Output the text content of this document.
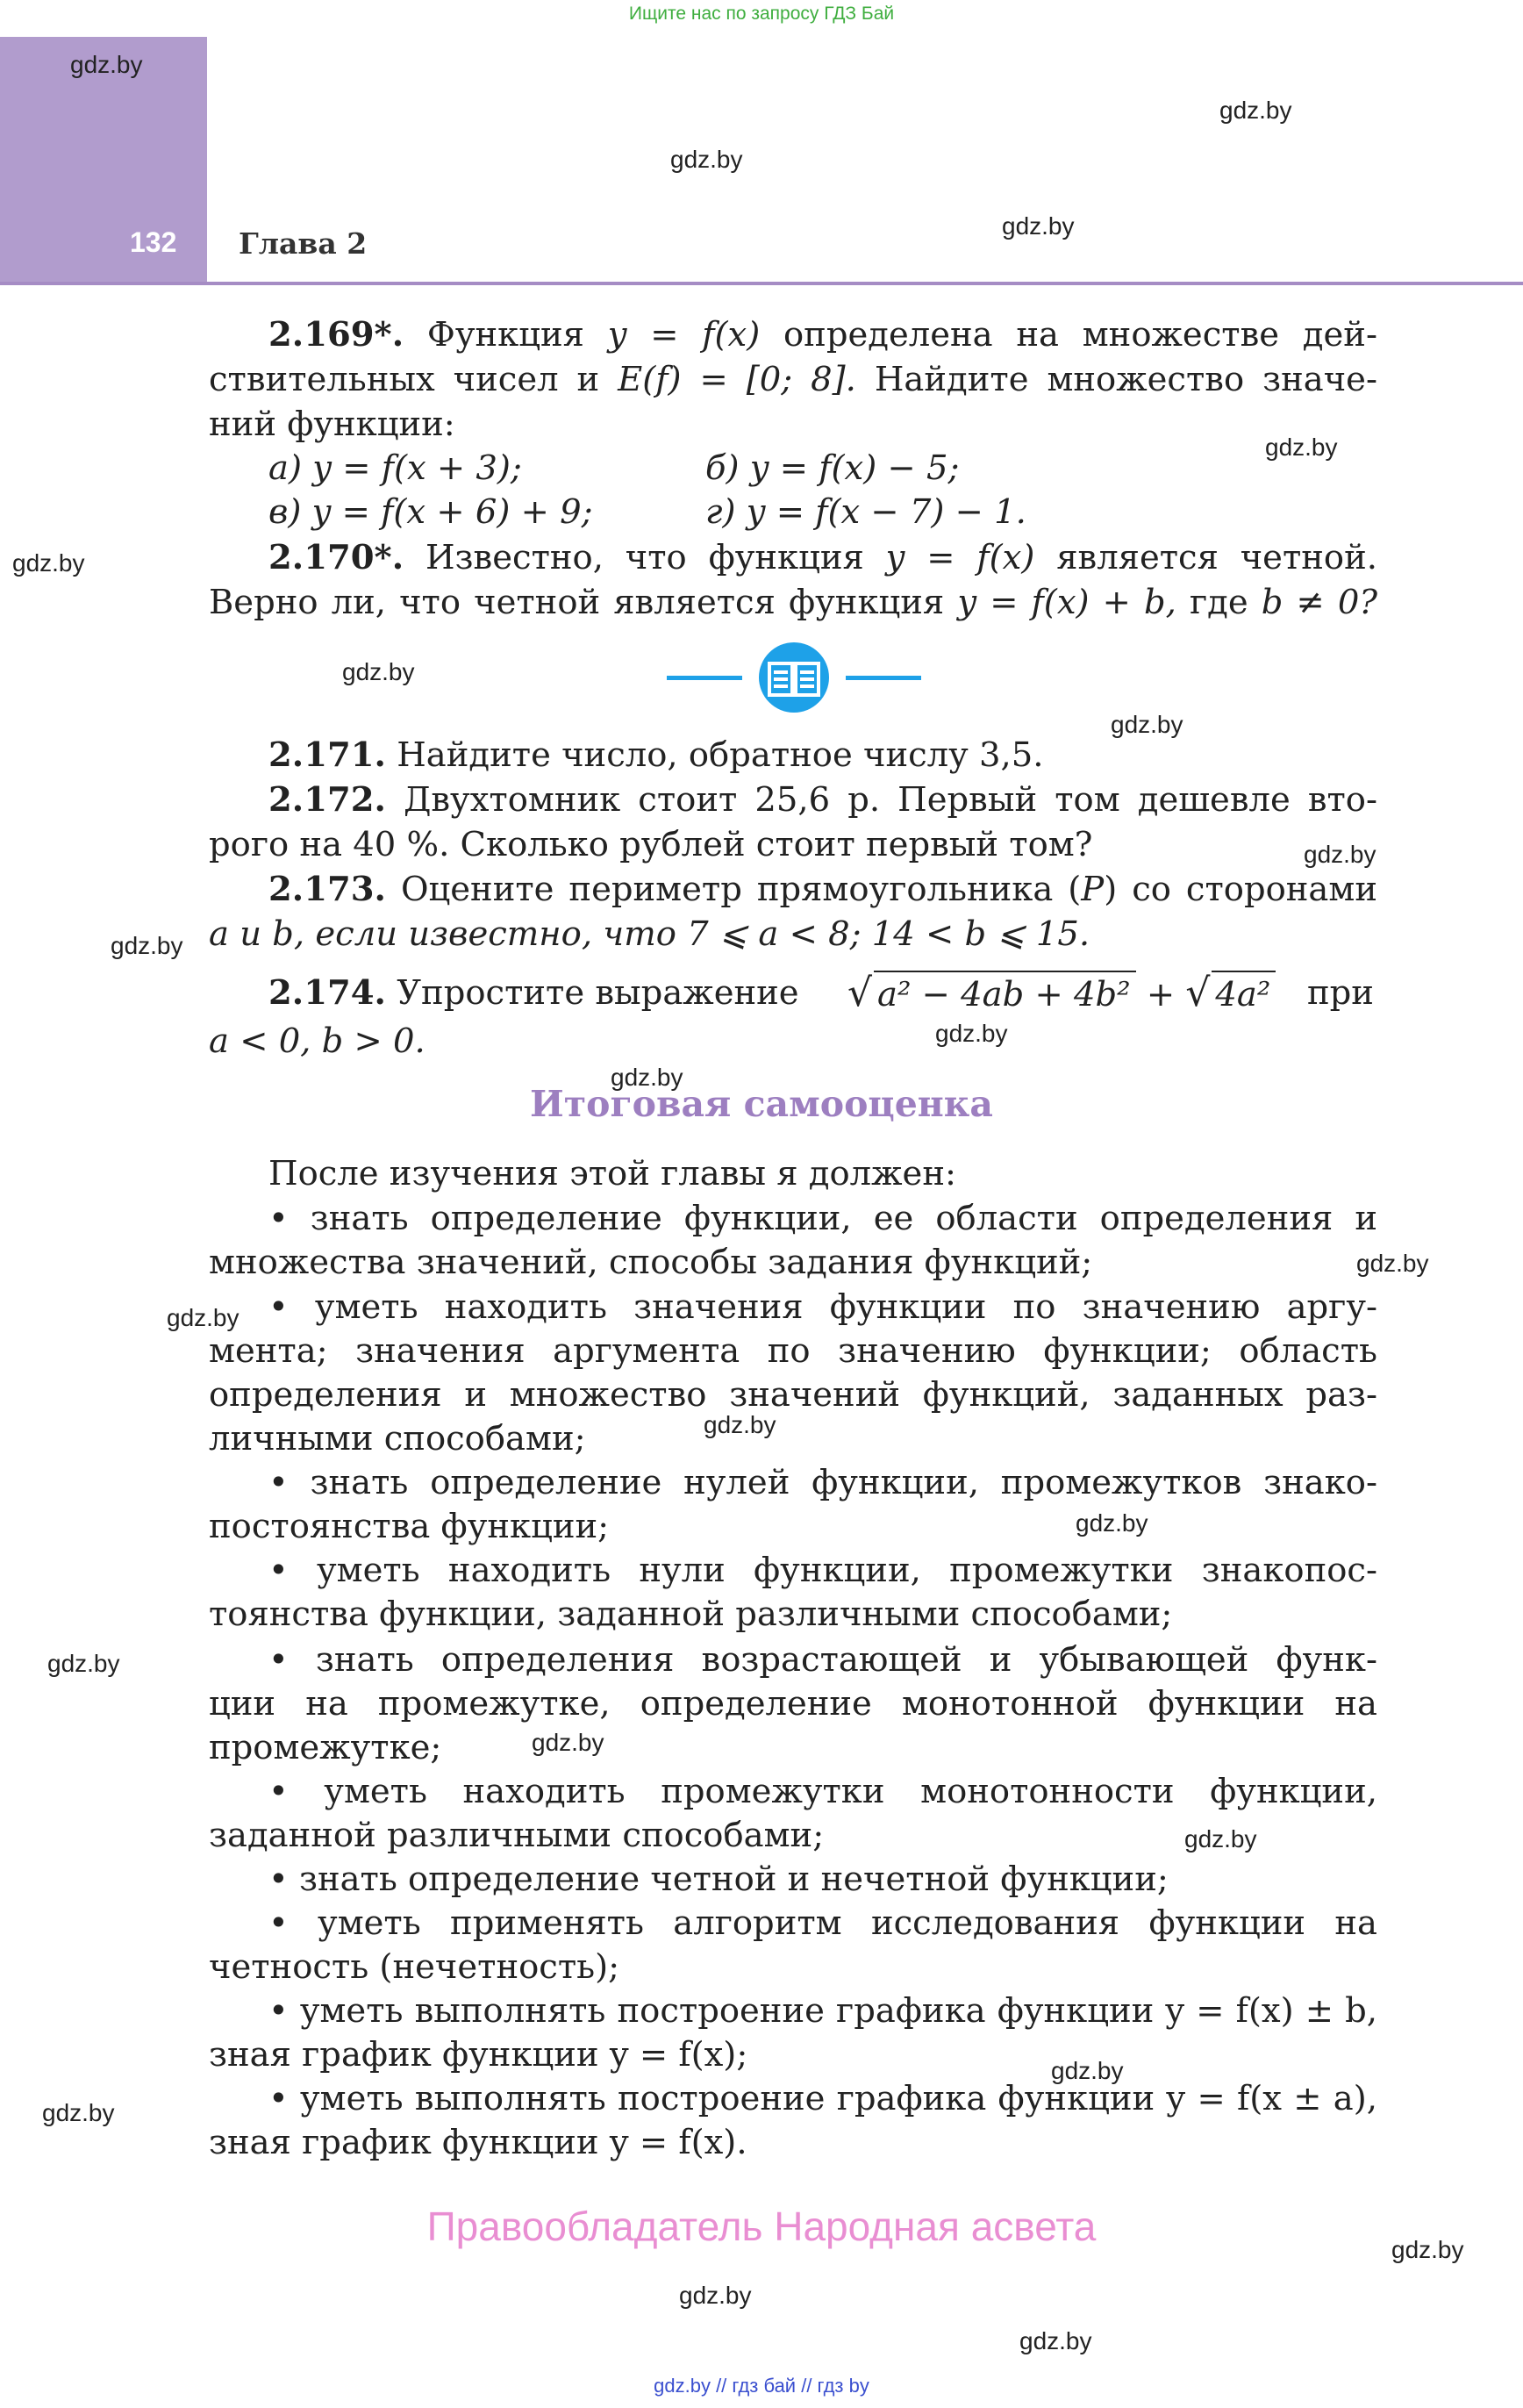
Ищите нас по запросу ГДЗ Бай
132 Глава 2
gdz.by
gdz.by
gdz.by
gdz.by
gdz.by
gdz.by
gdz.by
gdz.by
gdz.by
gdz.by
gdz.by
gdz.by
gdz.by
gdz.by
gdz.by
gdz.by
gdz.by
gdz.by
gdz.by
gdz.by
gdz.by
gdz.by
gdz.by
gdz.by
2.169*. Функция y = f(x) определена на множестве дей-
ствительных чисел и E(f) = [0; 8]. Найдите множество значе-
ний функции:
а) y = f(x + 3);	б) y = f(x) − 5;
в) y = f(x + 6) + 9;	г) y = f(x − 7) − 1.
2.170*. Известно, что функция y = f(x) является четной.
Верно ли, что четной является функция y = f(x) + b, где b ≠ 0?
2.171. Найдите число, обратное числу 3,5.
2.172. Двухтомник стоит 25,6 р. Первый том дешевле вто-
рого на 40 %. Сколько рублей стоит первый том?
2.173. Оцените периметр прямоугольника (P) со сторонами
a и b, если известно, что 7 ⩽ a < 8; 14 < b ⩽ 15.
2.174. Упростите выражение	√ a² − 4ab + 4b² + √ 4a² при
a < 0, b > 0.
Итоговая самооценка
После изучения этой главы я должен:
• знать определение функции, ее области определения и
множества значений, способы задания функций;
• уметь находить значения функции по значению аргу-
мента; значения аргумента по значению функции; область
определения и множество значений функций, заданных раз-
личными способами;
• знать определение нулей функции, промежутков знако-
постоянства функции;
• уметь находить нули функции, промежутки знакопос-
тоянства функции, заданной различными способами;
• знать определения возрастающей и убывающей функ-
ции на промежутке, определение монотонной функции на
промежутке;
• уметь находить промежутки монотонности функции,
заданной различными способами;
• знать определение четной и нечетной функции;
• уметь применять алгоритм исследования функции на
четность (нечетность);
• уметь выполнять построение графика функции y = f(x) ± b,
зная график функции y = f(x);
• уметь выполнять построение графика функции y = f(x ± a),
зная график функции y = f(x).
Правообладатель Народная асвета
gdz.by // гдз бай // гдз by
